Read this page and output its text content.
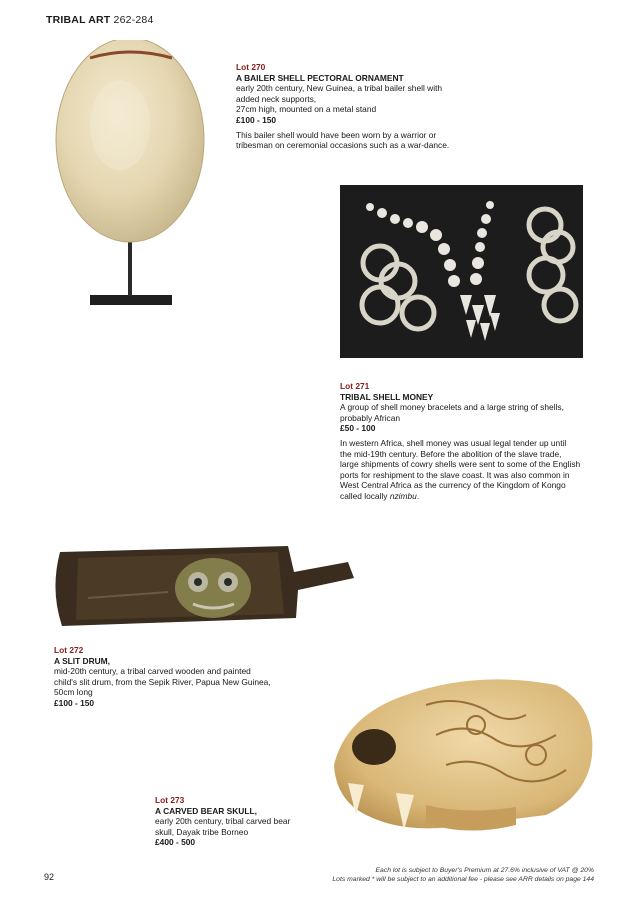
TRIBAL ART 262-284
Lot 270
A BAILER SHELL PECTORAL ORNAMENT
early 20th century, New Guinea, a tribal bailer shell with
added neck supports,
27cm high, mounted on a metal stand
£100 - 150
This bailer shell would have been worn by a warrior or
tribesman on ceremonial occasions such as a war-dance.
Lot 271
TRIBAL SHELL MONEY
A group of shell money bracelets and a large string of shells,
probably African
£50 - 100
In western Africa, shell money was usual legal tender up until
the mid-19th century. Before the abolition of the slave trade,
large shipments of cowry shells were sent to some of the English
ports for reshipment to the slave coast. It was also common in
West Central Africa as the currency of the Kingdom of Kongo
called locally nzimbu.
Lot 272
A SLIT DRUM,
mid-20th century, a tribal carved wooden and painted
child's slit drum, from the Sepik River, Papua New Guinea,
50cm long
£100 - 150
Lot 273
A CARVED BEAR SKULL,
early 20th century, tribal carved bear
skull, Dayak tribe Borneo
£400 - 500
92
Each lot is subject to Buyer's Premium at 27.6% inclusive of VAT @ 20%
Lots marked * will be subject to an additional fee - please see ARR details on page 144
